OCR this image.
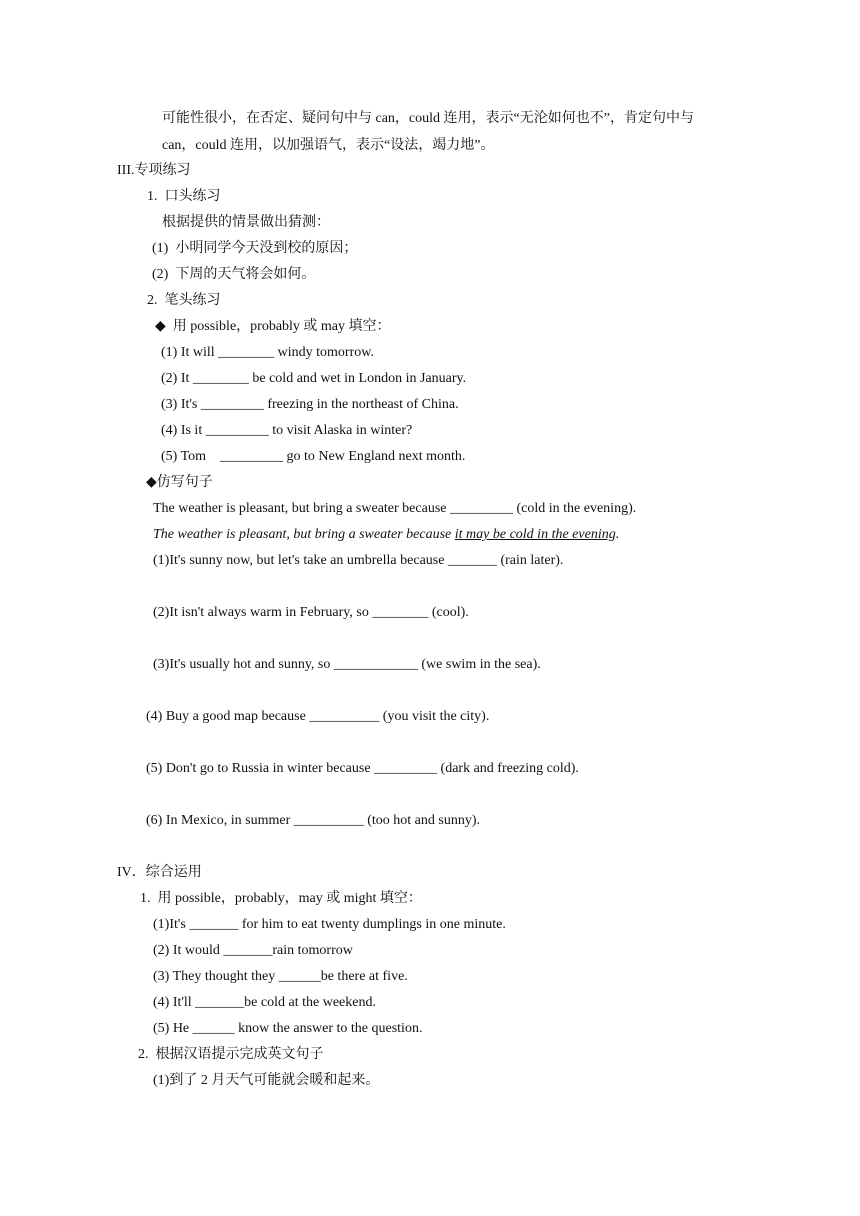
可能性很小，在否定、疑问句中与 can，could 连用，表示“无沦如何也不”，肯定句中与
can，could 连用，以加强语气，表示“设法，竭力地”。
III.专项练习
1.  口头练习
根据提供的情景做出猜测：
(1)  小明同学今天没到校的原因；
(2)  下周的天气将会如何。
2.  笔头练习
◆  用 possible，probably 或 may 填空：
(1) It will ________ windy tomorrow.
(2) It ________ be cold and wet in London in January.
(3) It's _________ freezing in the northeast of China.
(4) Is it _________ to visit Alaska in winter?
(5) Tom    _________ go to New England next month.
◆仿写句子
The weather is pleasant, but bring a sweater because _________ (cold in the evening).
The weather is pleasant, but bring a sweater because it may be cold in the evening.
(1)It's sunny now, but let's take an umbrella because _______ (rain later).
(2)It isn't always warm in February, so ________ (cool).
(3)It's usually hot and sunny, so ____________ (we swim in the sea).
(4) Buy a good map because __________ (you visit the city).
(5) Don't go to Russia in winter because _________ (dark and freezing cold).
(6) In Mexico, in summer __________ (too hot and sunny).
IV．综合运用
1.  用 possible，probably，may 或 might 填空：
(1)It's _______ for him to eat twenty dumplings in one minute.
(2) It would _______rain tomorrow
(3) They thought they ______be there at five.
(4) It'll _______be cold at the weekend.
(5) He ______ know the answer to the question.
2.  根据汉语提示完成英文句子
(1)到了 2 月天气可能就会暖和起来。
